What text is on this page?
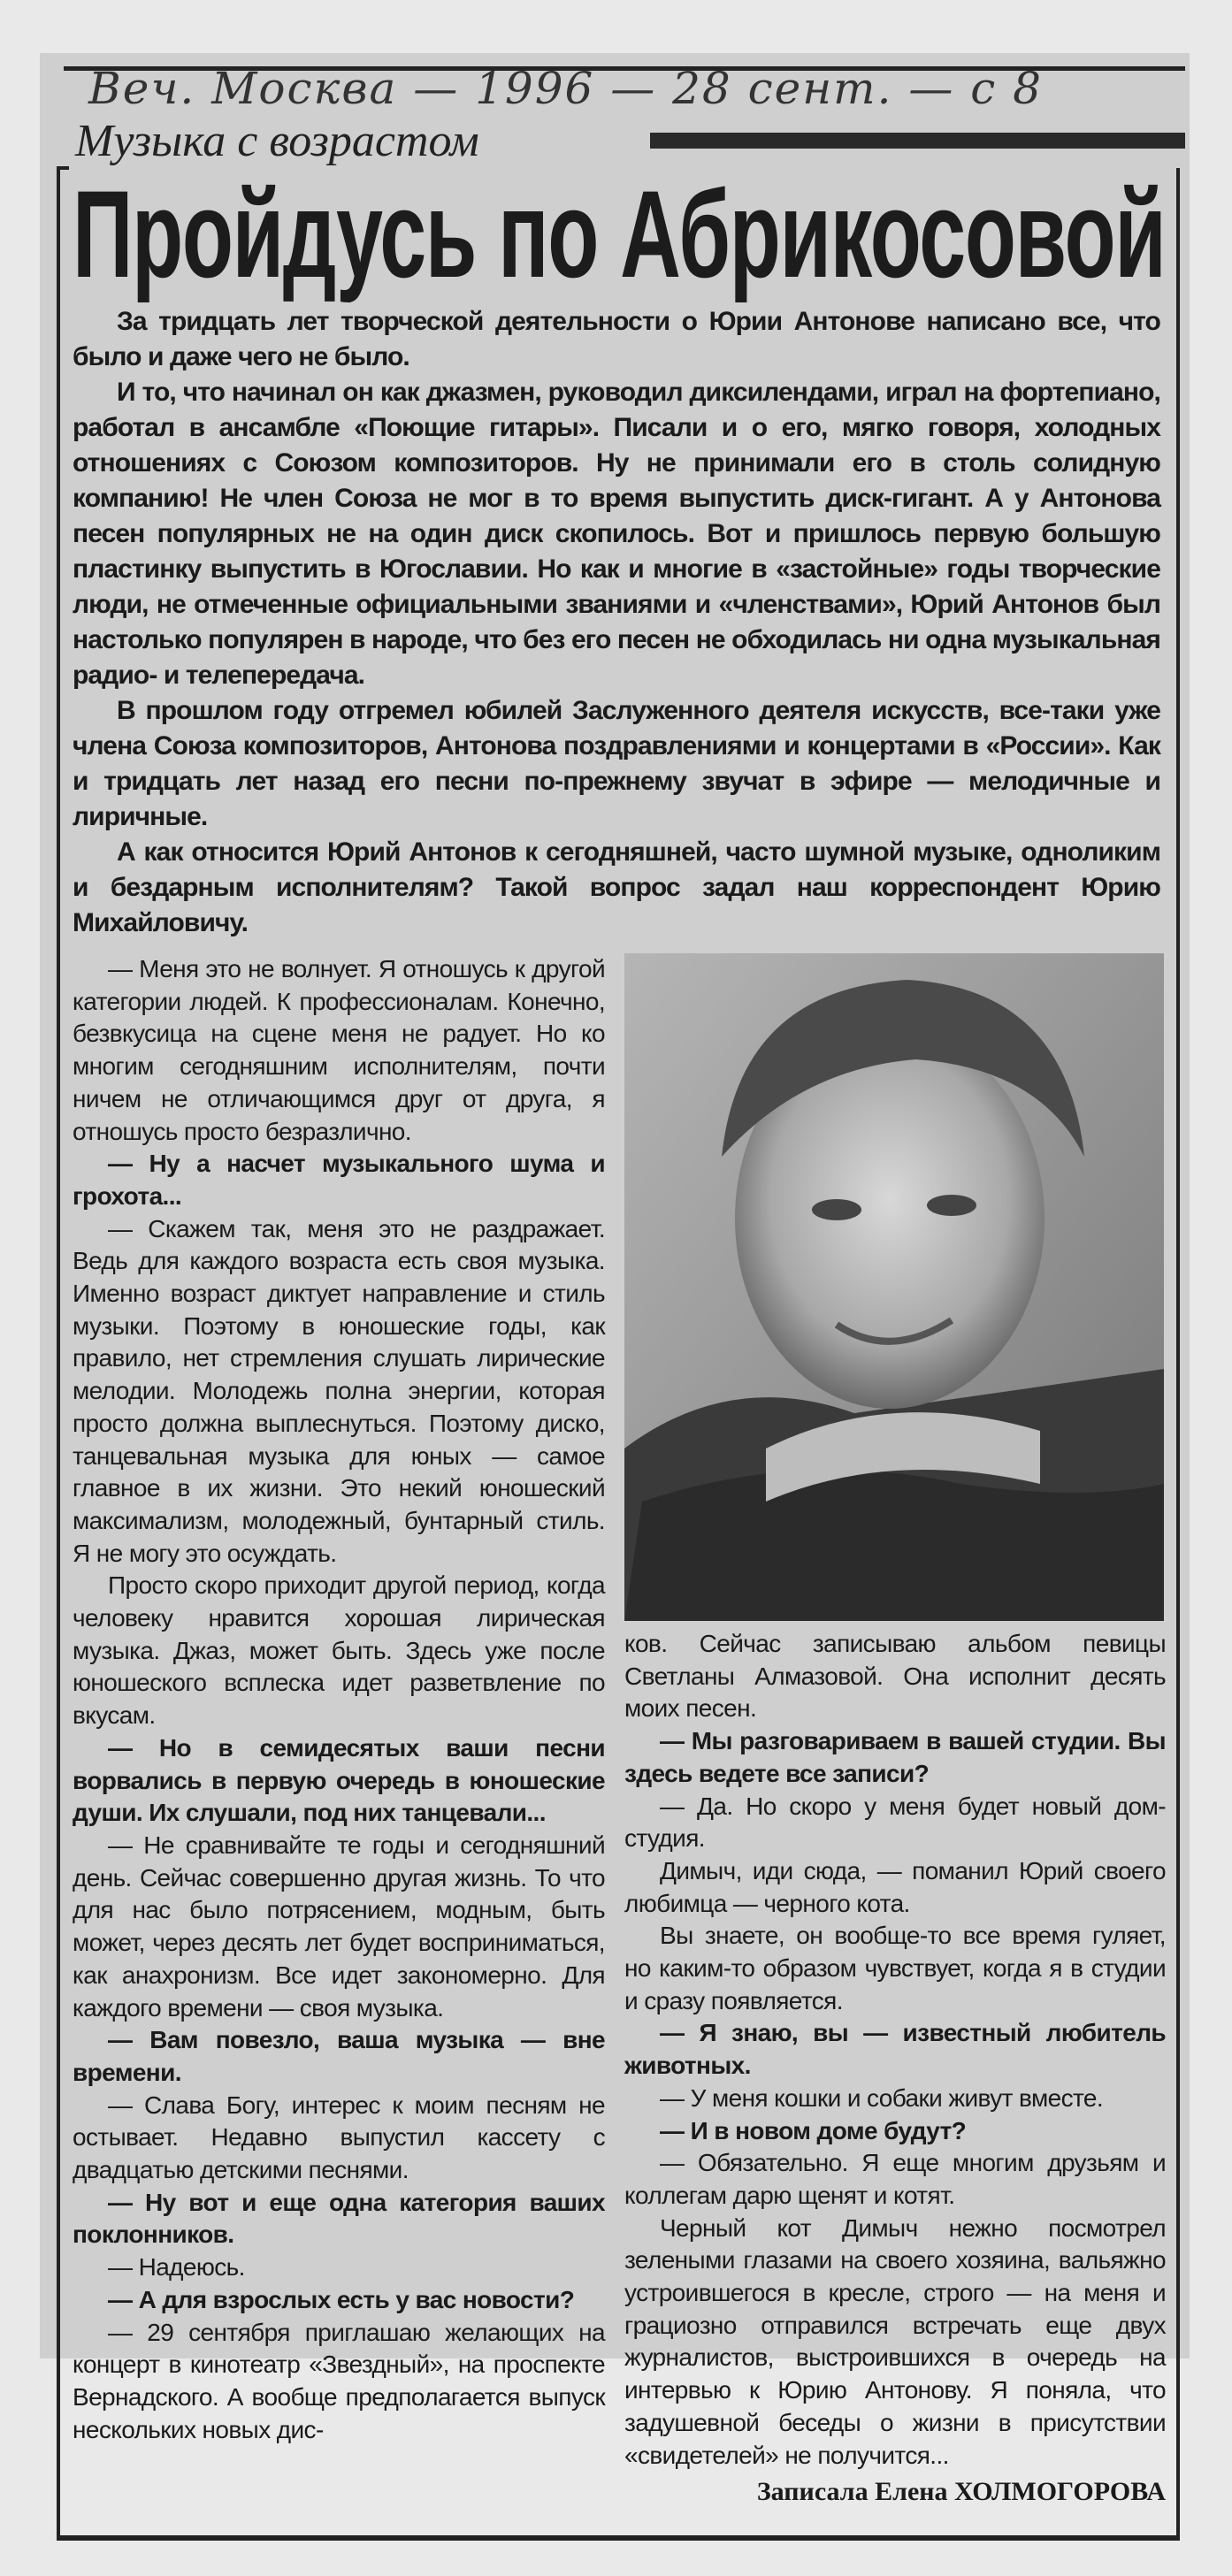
Веч. Москва — 1996 — 28 сент. — с 8
Музыка с возрастом
Пройдусь по Абрикосовой

За тридцать лет творческой деятельности о Юрии Антонове написано все, что было и даже чего не было.

И то, что начинал он как джазмен, руководил диксилендами, играл на фортепиано, работал в ансамбле «Поющие гитары». Писали и о его, мягко говоря, холодных отношениях с Союзом композиторов. Ну не принимали его в столь солидную компанию! Не член Союза не мог в то время выпустить диск-гигант. А у Антонова песен популярных не на один диск скопилось. Вот и пришлось первую большую пластинку выпустить в Югославии. Но как и многие в «застойные» годы творческие люди, не отмеченные официальными званиями и «членствами», Юрий Антонов был настолько популярен в народе, что без его песен не обходилась ни одна музыкальная радио- и телепередача.

В прошлом году отгремел юбилей Заслуженного деятеля искусств, все-таки уже члена Союза композиторов, Антонова поздравлениями и концертами в «России». Как и тридцать лет назад его песни по-прежнему звучат в эфире — мелодичные и лиричные.

А как относится Юрий Антонов к сегодняшней, часто шумной музыке, одноликим и бездарным исполнителям? Такой вопрос задал наш корреспондент Юрию Михайловичу.

— Меня это не волнует. Я отношусь к другой категории людей. К профессионалам. Конечно, безвкусица на сцене меня не радует. Но ко многим сегодняшним исполнителям, почти ничем не отличающимся друг от друга, я отношусь просто безразлично.

— Ну а насчет музыкального шума и грохота...

— Скажем так, меня это не раздражает. Ведь для каждого возраста есть своя музыка. Именно возраст диктует направление и стиль музыки. Поэтому в юношеские годы, как правило, нет стремления слушать лирические мелодии. Молодежь полна энергии, которая просто должна выплеснуться. Поэтому диско, танцевальная музыка для юных — самое главное в их жизни. Это некий юношеский максимализм, молодежный, бунтарный стиль. Я не могу это осуждать.

Просто скоро приходит другой период, когда человеку нравится хорошая лирическая музыка. Джаз, может быть. Здесь уже после юношеского всплеска идет разветвление по вкусам.

— Но в семидесятых ваши песни ворвались в первую очередь в юношеские души. Их слушали, под них танцевали...

— Не сравнивайте те годы и сегодняшний день. Сейчас совершенно другая жизнь. То что для нас было потрясением, модным, быть может, через десять лет будет восприниматься, как анахронизм. Все идет закономерно. Для каждого времени — своя музыка.

— Вам повезло, ваша музыка — вне времени.

— Слава Богу, интерес к моим песням не остывает. Недавно выпустил кассету с двадцатью детскими песнями.

— Ну вот и еще одна категория ваших поклонников.

— Надеюсь.

— А для взрослых есть у вас новости?

— 29 сентября приглашаю желающих на концерт в кинотеатр «Звездный», на проспекте Вернадского. А вообще предполагается выпуск нескольких новых дис-

ков. Сейчас записываю альбом певицы Светланы Алмазовой. Она исполнит десять моих песен.

— Мы разговариваем в вашей студии. Вы здесь ведете все записи?

— Да. Но скоро у меня будет новый дом-студия.

Димыч, иди сюда, — поманил Юрий своего любимца — черного кота.

Вы знаете, он вообще-то все время гуляет, но каким-то образом чувствует, когда я в студии и сразу появляется.

— Я знаю, вы — известный любитель животных.

— У меня кошки и собаки живут вместе.

— И в новом доме будут?

— Обязательно. Я еще многим друзьям и коллегам дарю щенят и котят.

Черный кот Димыч нежно посмотрел зелеными глазами на своего хозяина, вальяжно устроившегося в кресле, строго — на меня и грациозно отправился встречать еще двух журналистов, выстроившихся в очередь на интервью к Юрию Антонову. Я поняла, что задушевной беседы о жизни в присутствии «свидетелей» не получится...

Записала Елена ХОЛМОГОРОВА
